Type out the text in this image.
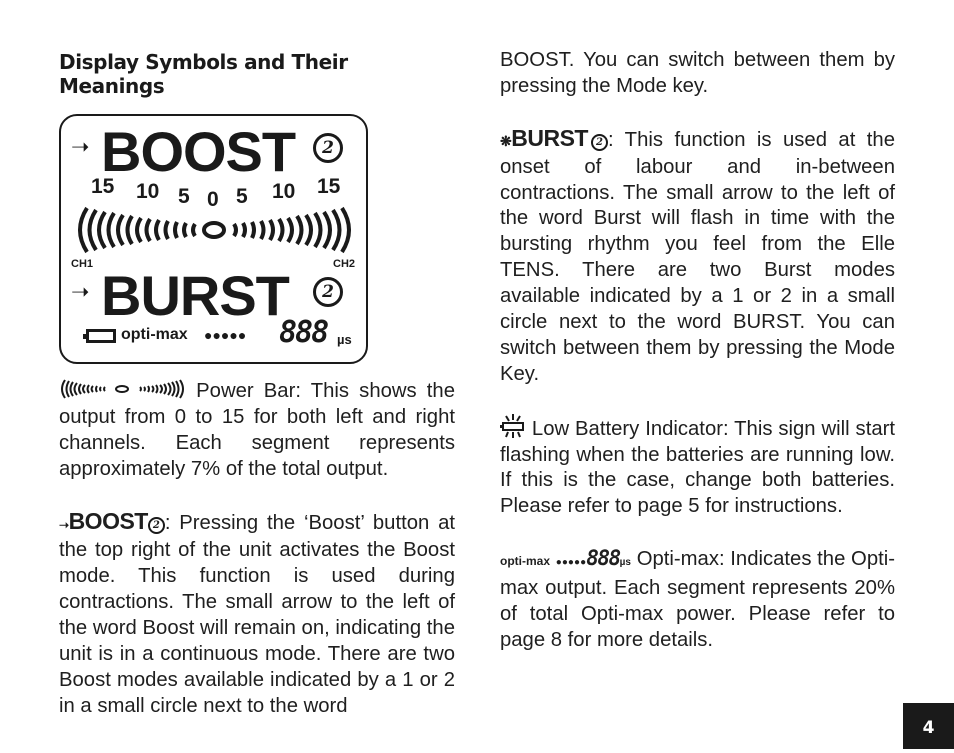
Display Symbols and Their Meanings
➝ BOOST	2
15 10 5 0 5 10 15
CH1	CH2
➝ BURST	2
opti-max ●●●●● 888 µs

Power Bar: This shows the output from 0 to 15 for both left and right channels. Each segment represents approximately 7% of the total output.

➝BOOST 2 : Pressing the ‘Boost’ button at the top right of the unit activates the Boost mode. This function is used during contractions. The small arrow to the left of the word Boost will remain on, indicating the unit is in a continuous mode. There are two Boost modes available indicated by a 1 or 2 in a small circle next to the word

BOOST. You can switch between them by pressing the Mode key.

❋BURST 2 : This function is used at the onset of labour and in-between contractions. The small arrow to the left of the word Burst will flash in time with the bursting rhythm you feel from the Elle TENS. There are two Burst modes available indicated by a 1 or 2 in a small circle next to the word BURST. You can switch between them by pressing the Mode Key.

Low Battery Indicator: This sign will start flashing when the batteries are running low. If this is the case, change both batteries. Please refer to page 5 for instructions.

opti-max ●●●●●888µs Opti-max: Indicates the Opti-max output. Each segment represents 20% of total Opti-max power. Please refer to page 8 for more details.

4
